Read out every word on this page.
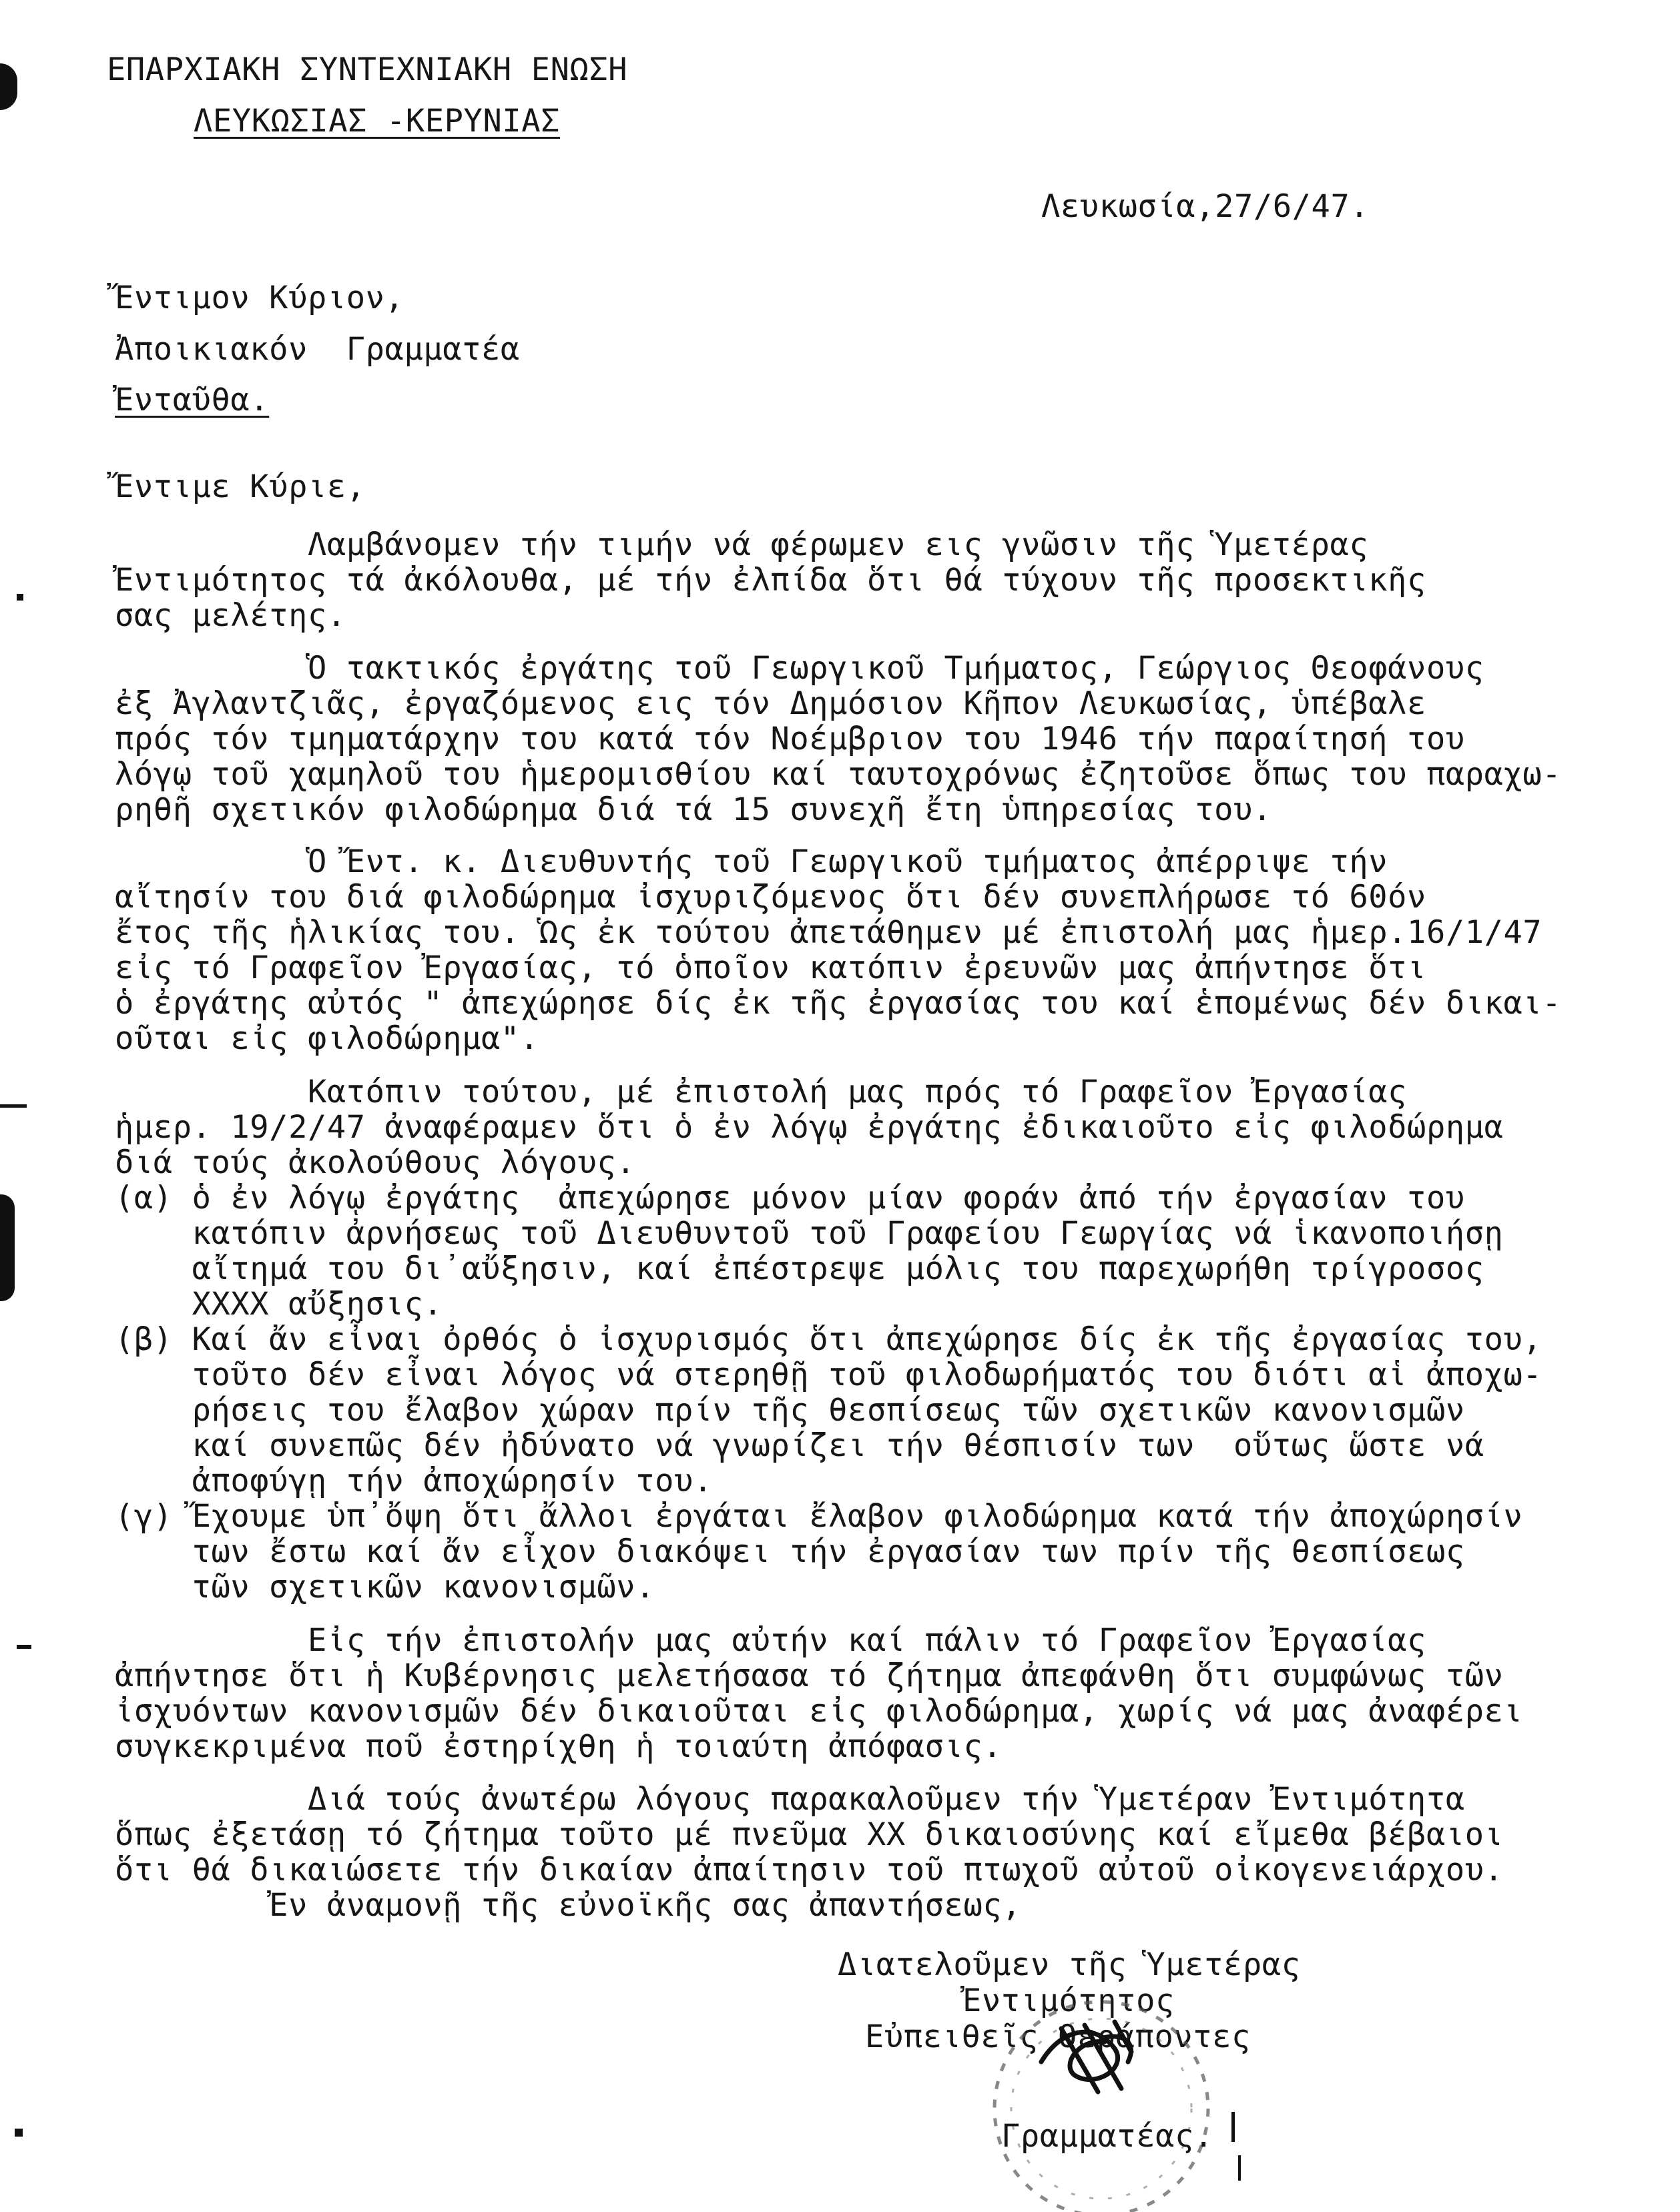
ΕΠΑΡΧΙΑΚΗ ΣΥΝΤΕΧΝΙΑΚΗ ΕΝΩΣΗ
ΛΕΥΚΩΣΙΑΣ -ΚΕΡΥΝΙΑΣ
Λευκωσία,27/6/47.
Ἔντιμον Κύριον,
Ἀποικιακόν  Γραμματέα
Ἐνταῦθα.
Ἔντιμε Κύριε,
Λαμβάνομεν τήν τιμήν νά φέρωμεν εις γνῶσιν τῆς Ὑμετέρας
Ἐντιμότητος τά ἀκόλουθα, μέ τήν ἐλπίδα ὅτι θά τύχουν τῆς προσεκτικῆς
σας μελέτης.
Ὁ τακτικός ἐργάτης τοῦ Γεωργικοῦ Τμήματος, Γεώργιος Θεοφάνους
ἐξ Ἀγλαντζιᾶς, ἐργαζόμενος εις τόν Δημόσιον Κῆπον Λευκωσίας, ὑπέβαλε
πρός τόν τμηματάρχην του κατά τόν Νοέμβριον του 1946 τήν παραίτησή του
λόγῳ τοῦ χαμηλοῦ του ἡμερομισθίου καί ταυτοχρόνως ἐζητοῦσε ὅπως του παραχω-
ρηθῆ σχετικόν φιλοδώρημα διά τά 15 συνεχῆ ἔτη ὑπηρεσίας του.
Ὁ Ἔντ. κ. Διευθυντής τοῦ Γεωργικοῦ τμήματος ἀπέρριψε τήν
αἴτησίν του διά φιλοδώρημα ἰσχυριζόμενος ὅτι δέν συνεπλήρωσε τό 60όν
ἔτος τῆς ἡλικίας του. Ὡς ἐκ τούτου ἀπετάθημεν μέ ἐπιστολή μας ἡμερ.16/1/47
εἰς τό Γραφεῖον Ἐργασίας, τό ὁποῖον κατόπιν ἐρευνῶν μας ἀπήντησε ὅτι
ὁ ἐργάτης αὐτός " ἀπεχώρησε δίς ἐκ τῆς ἐργασίας του καί ἑπομένως δέν δικαι-
οῦται εἰς φιλοδώρημα".
Κατόπιν τούτου, μέ ἐπιστολή μας πρός τό Γραφεῖον Ἐργασίας
ἡμερ. 19/2/47 ἀναφέραμεν ὅτι ὁ ἐν λόγῳ ἐργάτης ἐδικαιοῦτο εἰς φιλοδώρημα
διά τούς ἀκολούθους λόγους.
(α) ὁ ἐν λόγῳ ἐργάτης  ἀπεχώρησε μόνον μίαν φοράν ἀπό τήν ἐργασίαν του
κατόπιν ἀρνήσεως τοῦ Διευθυντοῦ τοῦ Γραφείου Γεωργίας νά ἱκανοποιήσῃ
αἴτημά του δι᾿αὔξησιν, καί ἐπέστρεψε μόλις του παρεχωρήθη τρίγροσος
ΧΧΧΧ αὔξησις.
(β) Καί ἄν εἶναι ὀρθός ὁ ἰσχυρισμός ὅτι ἀπεχώρησε δίς ἐκ τῆς ἐργασίας του,
τοῦτο δέν εἶναι λόγος νά στερηθῇ τοῦ φιλοδωρήματός του διότι αἱ ἀποχω-
ρήσεις του ἔλαβον χώραν πρίν τῆς θεσπίσεως τῶν σχετικῶν κανονισμῶν
καί συνεπῶς δέν ἠδύνατο νά γνωρίζει τήν θέσπισίν των  οὕτως ὥστε νά
ἀποφύγῃ τήν ἀποχώρησίν του.
(γ) Ἔχουμε ὑπ᾿ὄψη ὅτι ἄλλοι ἐργάται ἔλαβον φιλοδώρημα κατά τήν ἀποχώρησίν
των ἔστω καί ἄν εἶχον διακόψει τήν ἐργασίαν των πρίν τῆς θεσπίσεως
τῶν σχετικῶν κανονισμῶν.
Εἰς τήν ἐπιστολήν μας αὐτήν καί πάλιν τό Γραφεῖον Ἐργασίας
ἀπήντησε ὅτι ἡ Κυβέρνησις μελετήσασα τό ζήτημα ἀπεφάνθη ὅτι συμφώνως τῶν
ἰσχυόντων κανονισμῶν δέν δικαιοῦται εἰς φιλοδώρημα, χωρίς νά μας ἀναφέρει
συγκεκριμένα ποῦ ἐστηρίχθη ἡ τοιαύτη ἀπόφασις.
Διά τούς ἀνωτέρω λόγους παρακαλοῦμεν τήν Ὑμετέραν Ἐντιμότητα
ὅπως ἐξετάσῃ τό ζήτημα τοῦτο μέ πνεῦμα ΧΧ δικαιοσύνης καί εἴμεθα βέβαιοι
ὅτι θά δικαιώσετε τήν δικαίαν ἀπαίτησιν τοῦ πτωχοῦ αὐτοῦ οἰκογενειάρχου.
Ἐν ἀναμονῇ τῆς εὐνοϊκῆς σας ἀπαντήσεως,
Διατελοῦμεν τῆς Ὑμετέρας
Ἐντιμότητος
Εὐπειθεῖς Θεράποντες
Γραμματέας.
